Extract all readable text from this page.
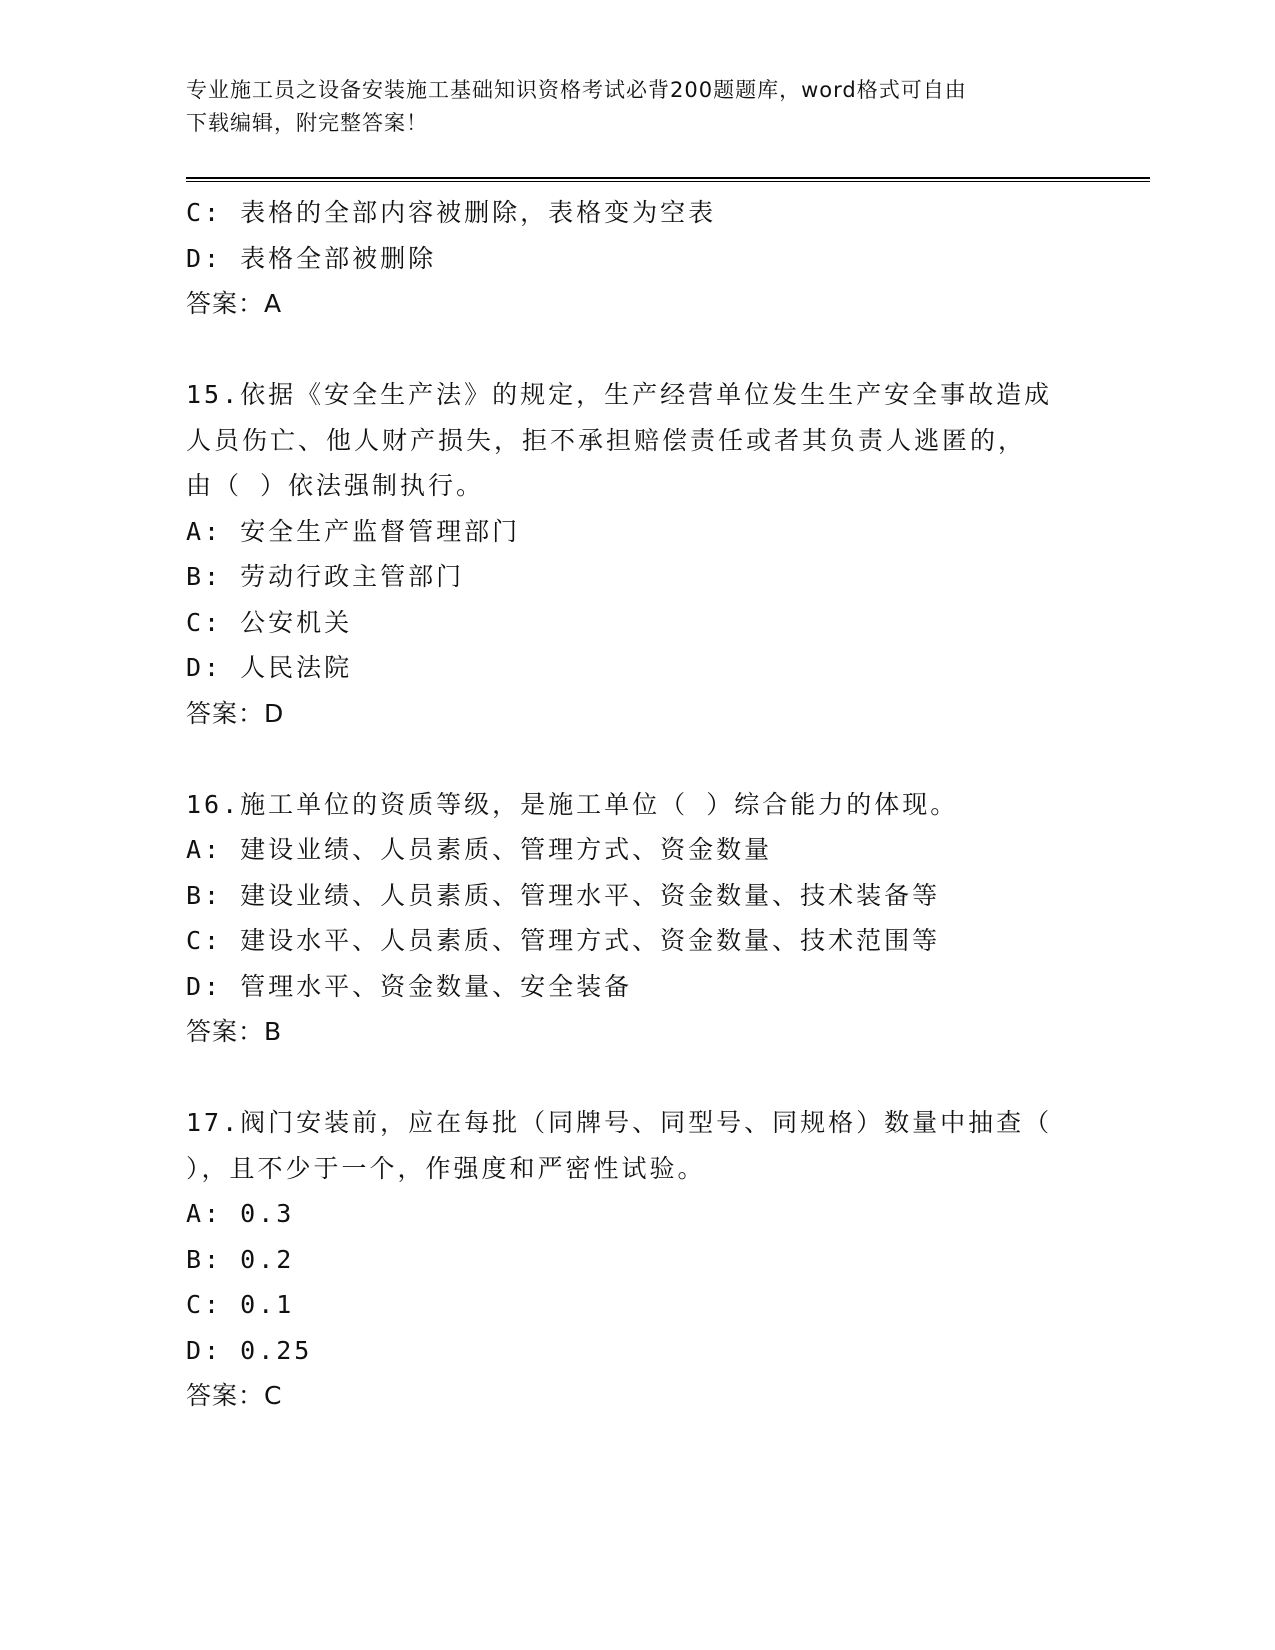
专业施工员之设备安装施工基础知识资格考试必背200题题库，word格式可自由
下载编辑，附完整答案！

C: 表格的全部内容被删除，表格变为空表

D: 表格全部被删除

答案：A

15.依据《安全生产法》的规定，生产经营单位发生生产安全事故造成

人员伤亡、他人财产损失，拒不承担赔偿责任或者其负责人逃匿的，

由（ ）依法强制执行。

A: 安全生产监督管理部门

B: 劳动行政主管部门

C: 公安机关

D: 人民法院

答案：D

16.施工单位的资质等级，是施工单位（ ）综合能力的体现。

A: 建设业绩、人员素质、管理方式、资金数量

B: 建设业绩、人员素质、管理水平、资金数量、技术装备等

C: 建设水平、人员素质、管理方式、资金数量、技术范围等

D: 管理水平、资金数量、安全装备

答案：B

17.阀门安装前，应在每批（同牌号、同型号、同规格）数量中抽查（

），且不少于一个，作强度和严密性试验。

A: 0.3

B: 0.2

C: 0.1

D: 0.25

答案：C
